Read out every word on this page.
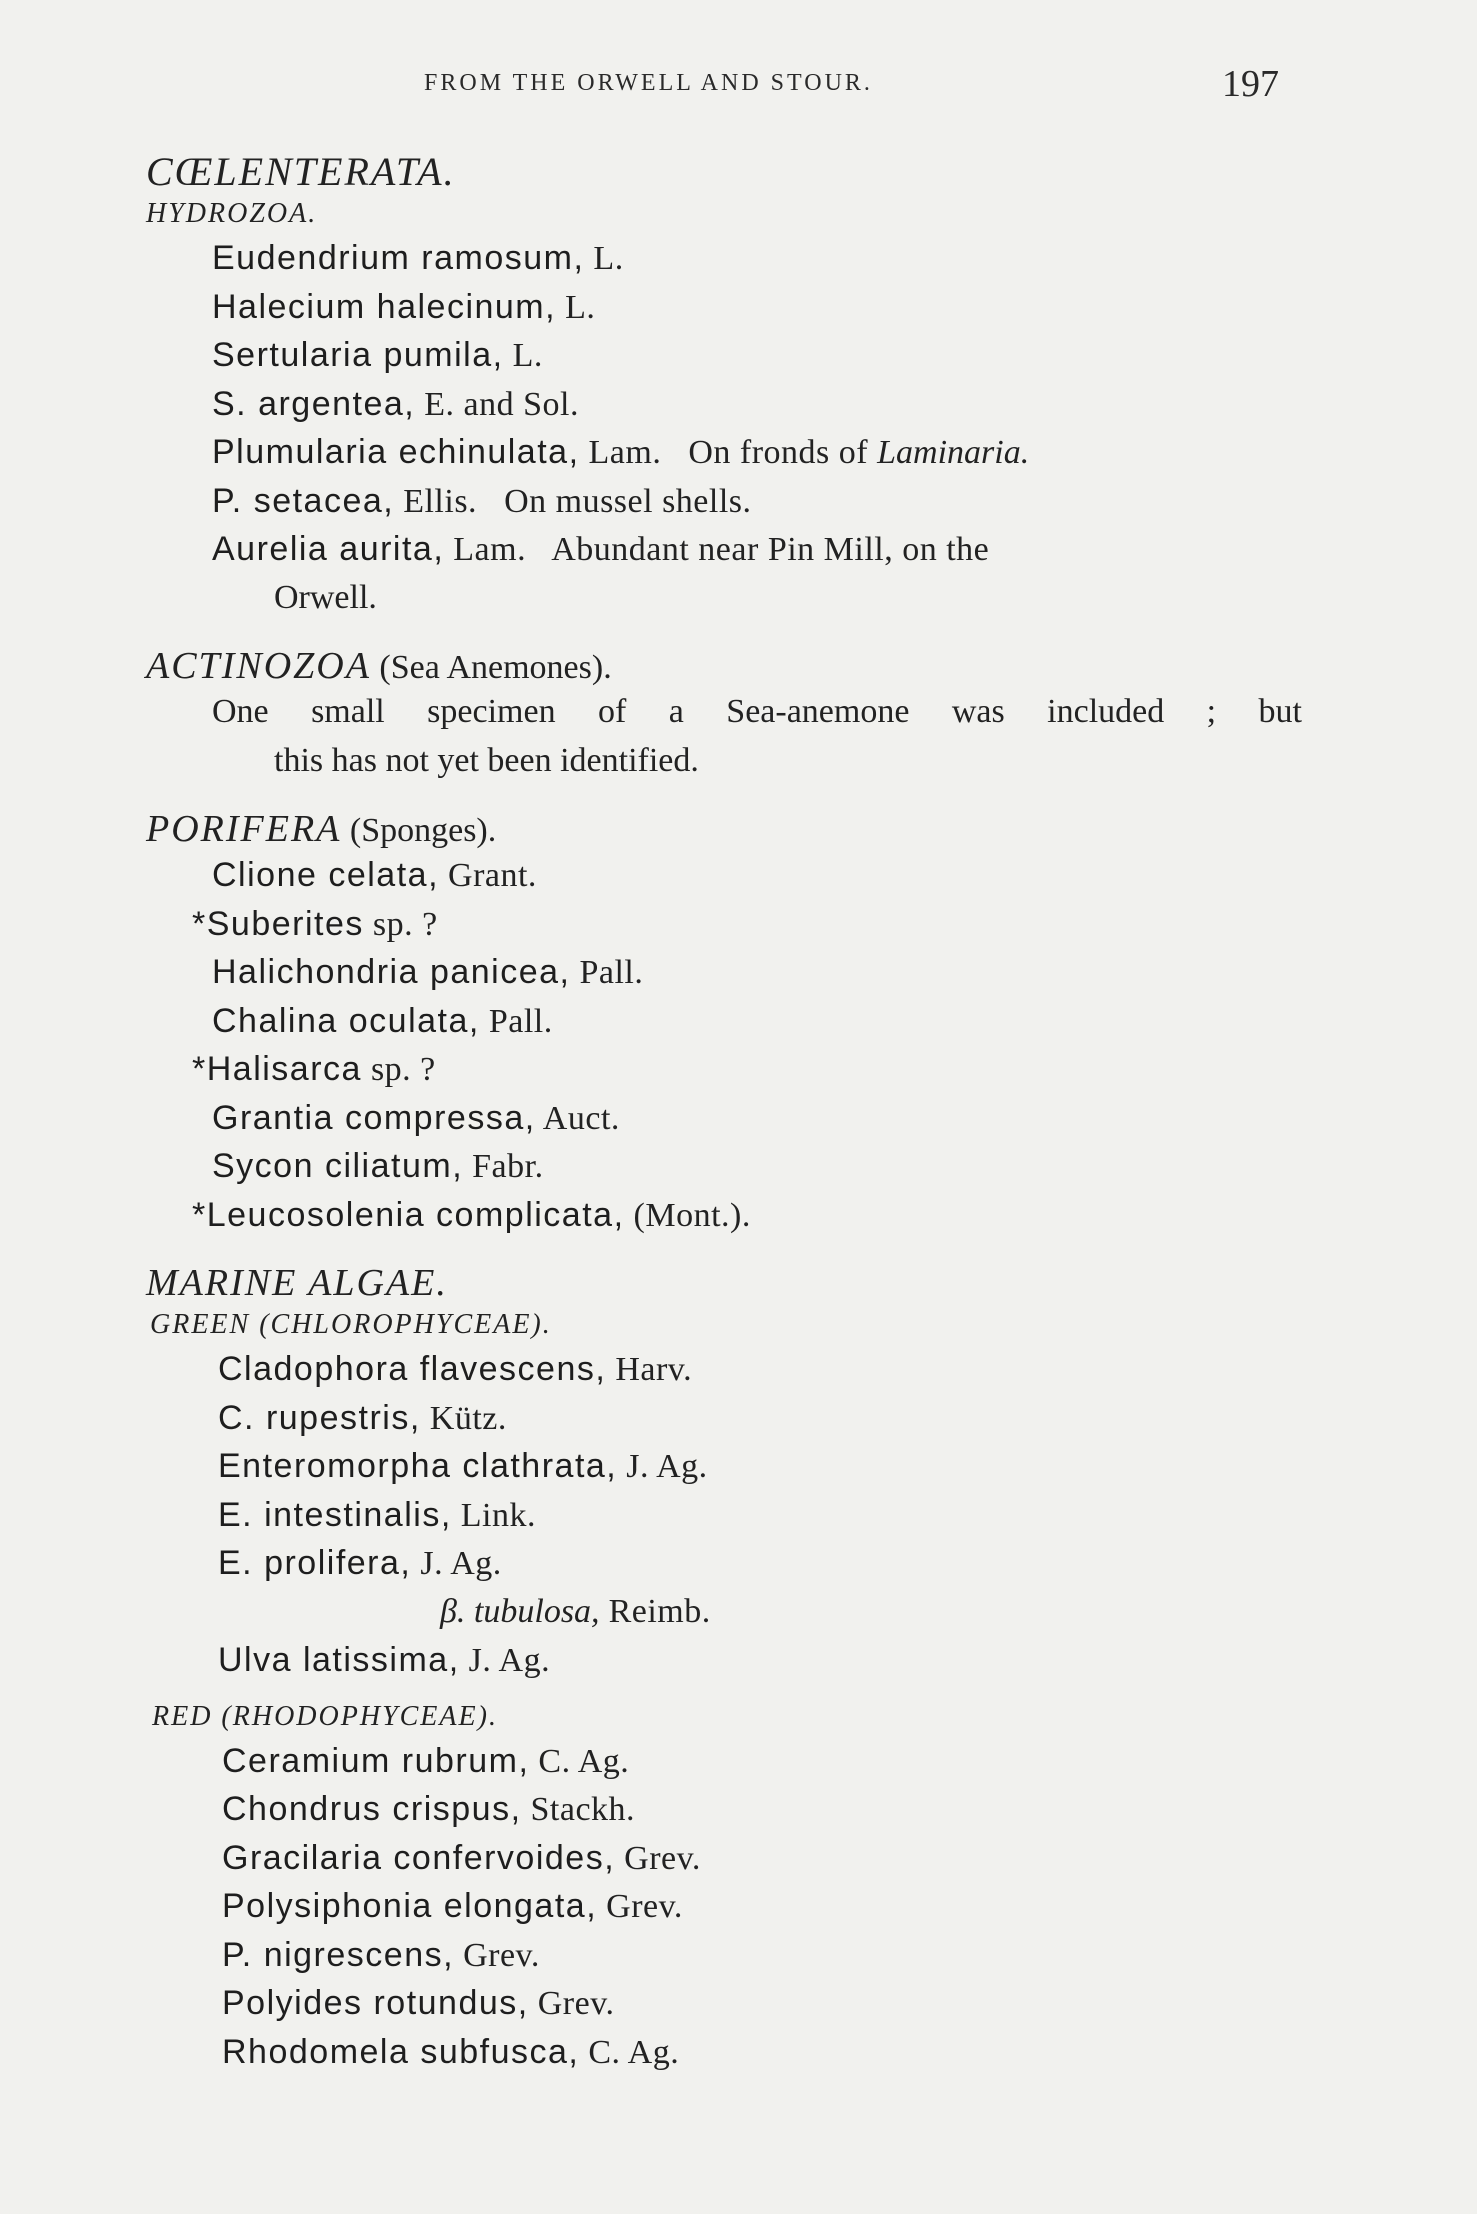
FROM THE ORWELL AND STOUR.	197
CŒLENTERATA.
HYDROZOA.
Eudendrium ramosum, L.
Halecium halecinum, L.
Sertularia pumila, L.
S. argentea, E. and Sol.
Plumularia echinulata, Lam.   On fronds of Laminaria.
P. setacea, Ellis.   On mussel shells.
Aurelia aurita, Lam.   Abundant near Pin Mill, on the
Orwell.
ACTINOZOA (Sea Anemones).
One small specimen of a Sea-anemone was included ; but
this has not yet been identified.
PORIFERA (Sponges).
Clione celata, Grant.
*Suberites sp. ?
Halichondria panicea, Pall.
Chalina oculata, Pall.
*Halisarca sp. ?
Grantia compressa, Auct.
Sycon ciliatum, Fabr.
*Leucosolenia complicata, (Mont.).
MARINE ALGAE.
GREEN (CHLOROPHYCEAE).
Cladophora flavescens, Harv.
C. rupestris, Kütz.
Enteromorpha clathrata, J. Ag.
E. intestinalis, Link.
E. prolifera, J. Ag.
β. tubulosa, Reimb.
Ulva latissima, J. Ag.
RED (RHODOPHYCEAE).
Ceramium rubrum, C. Ag.
Chondrus crispus, Stackh.
Gracilaria confervoides, Grev.
Polysiphonia elongata, Grev.
P. nigrescens, Grev.
Polyides rotundus, Grev.
Rhodomela subfusca, C. Ag.
